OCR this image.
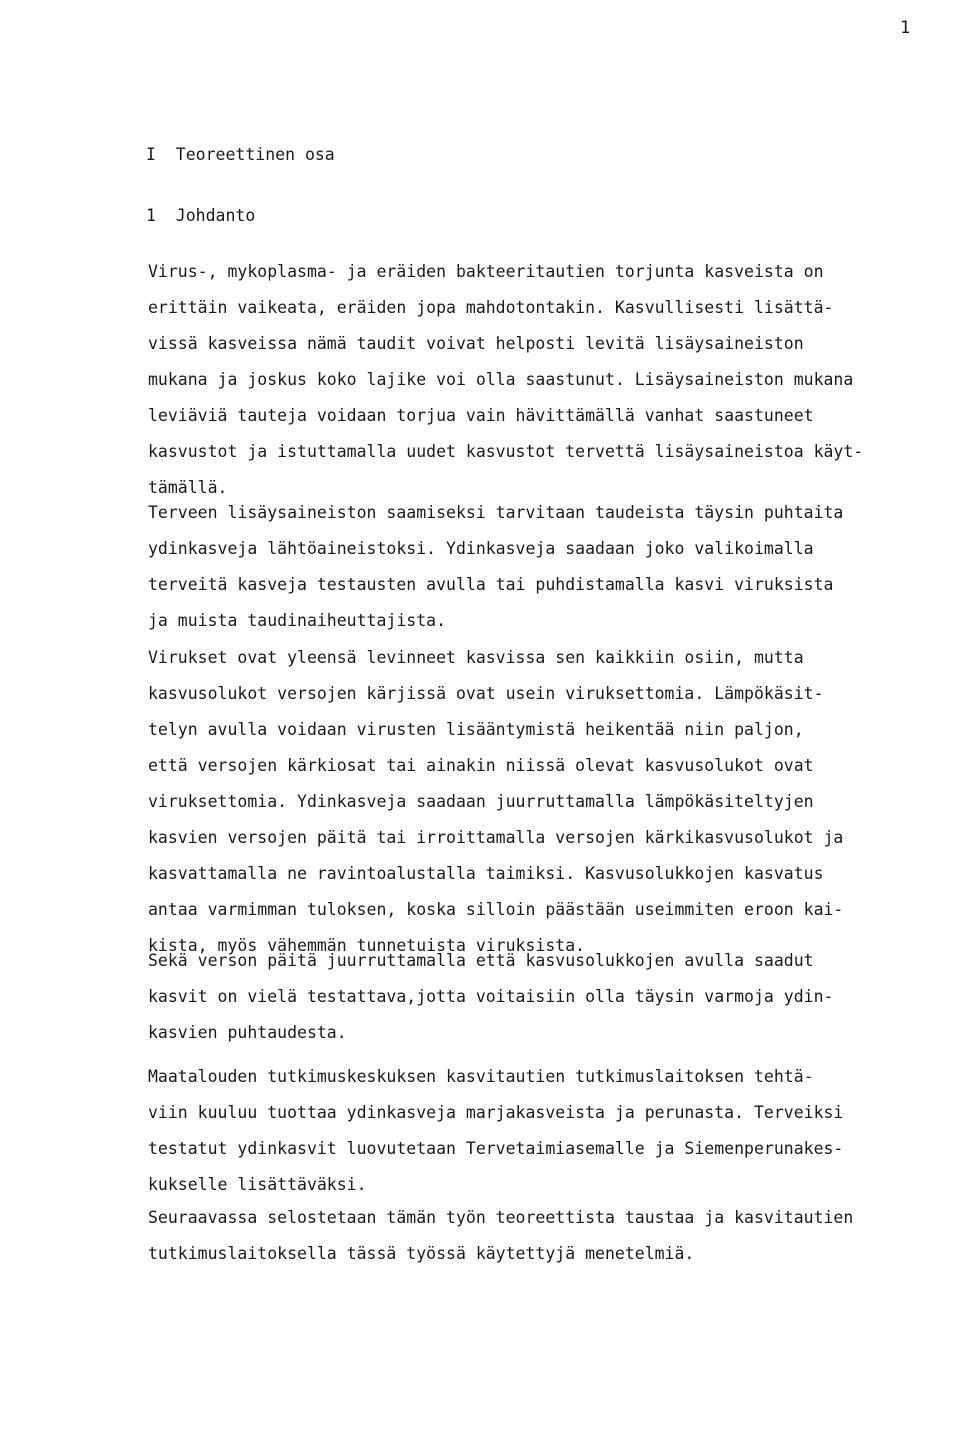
1
I  Teoreettinen osa
1  Johdanto
Virus-, mykoplasma- ja eräiden bakteeritautien torjunta kasveista on
erittäin vaikeata, eräiden jopa mahdotontakin. Kasvullisesti lisättä-
vissä kasveissa nämä taudit voivat helposti levitä lisäysaineiston
mukana ja joskus koko lajike voi olla saastunut. Lisäysaineiston mukana
leviäviä tauteja voidaan torjua vain hävittämällä vanhat saastuneet
kasvustot ja istuttamalla uudet kasvustot tervettä lisäysaineistoa käyt-
tämällä.
Terveen lisäysaineiston saamiseksi tarvitaan taudeista täysin puhtaita
ydinkasveja lähtöaineistoksi. Ydinkasveja saadaan joko valikoimalla
terveitä kasveja testausten avulla tai puhdistamalla kasvi viruksista
ja muista taudinaiheuttajista.
Virukset ovat yleensä levinneet kasvissa sen kaikkiin osiin, mutta
kasvusolukot versojen kärjissä ovat usein viruksettomia. Lämpökäsit-
telyn avulla voidaan virusten lisääntymistä heikentää niin paljon,
että versojen kärkiosat tai ainakin niissä olevat kasvusolukot ovat
viruksettomia. Ydinkasveja saadaan juurruttamalla lämpökäsiteltyjen
kasvien versojen päitä tai irroittamalla versojen kärkikasvusolukot ja
kasvattamalla ne ravintoalustalla taimiksi. Kasvusolukkojen kasvatus
antaa varmimman tuloksen, koska silloin päästään useimmiten eroon kai-
kista, myös vähemmän tunnetuista viruksista.
Sekä verson päitä juurruttamalla että kasvusolukkojen avulla saadut
kasvit on vielä testattava,jotta voitaisiin olla täysin varmoja ydin-
kasvien puhtaudesta.
Maatalouden tutkimuskeskuksen kasvitautien tutkimuslaitoksen tehtä-
viin kuuluu tuottaa ydinkasveja marjakasveista ja perunasta. Terveiksi
testatut ydinkasvit luovutetaan Tervetaimiasemalle ja Siemenperunakes-
kukselle lisättäväksi.
Seuraavassa selostetaan tämän työn teoreettista taustaa ja kasvitautien
tutkimuslaitoksella tässä työssä käytettyjä menetelmiä.
